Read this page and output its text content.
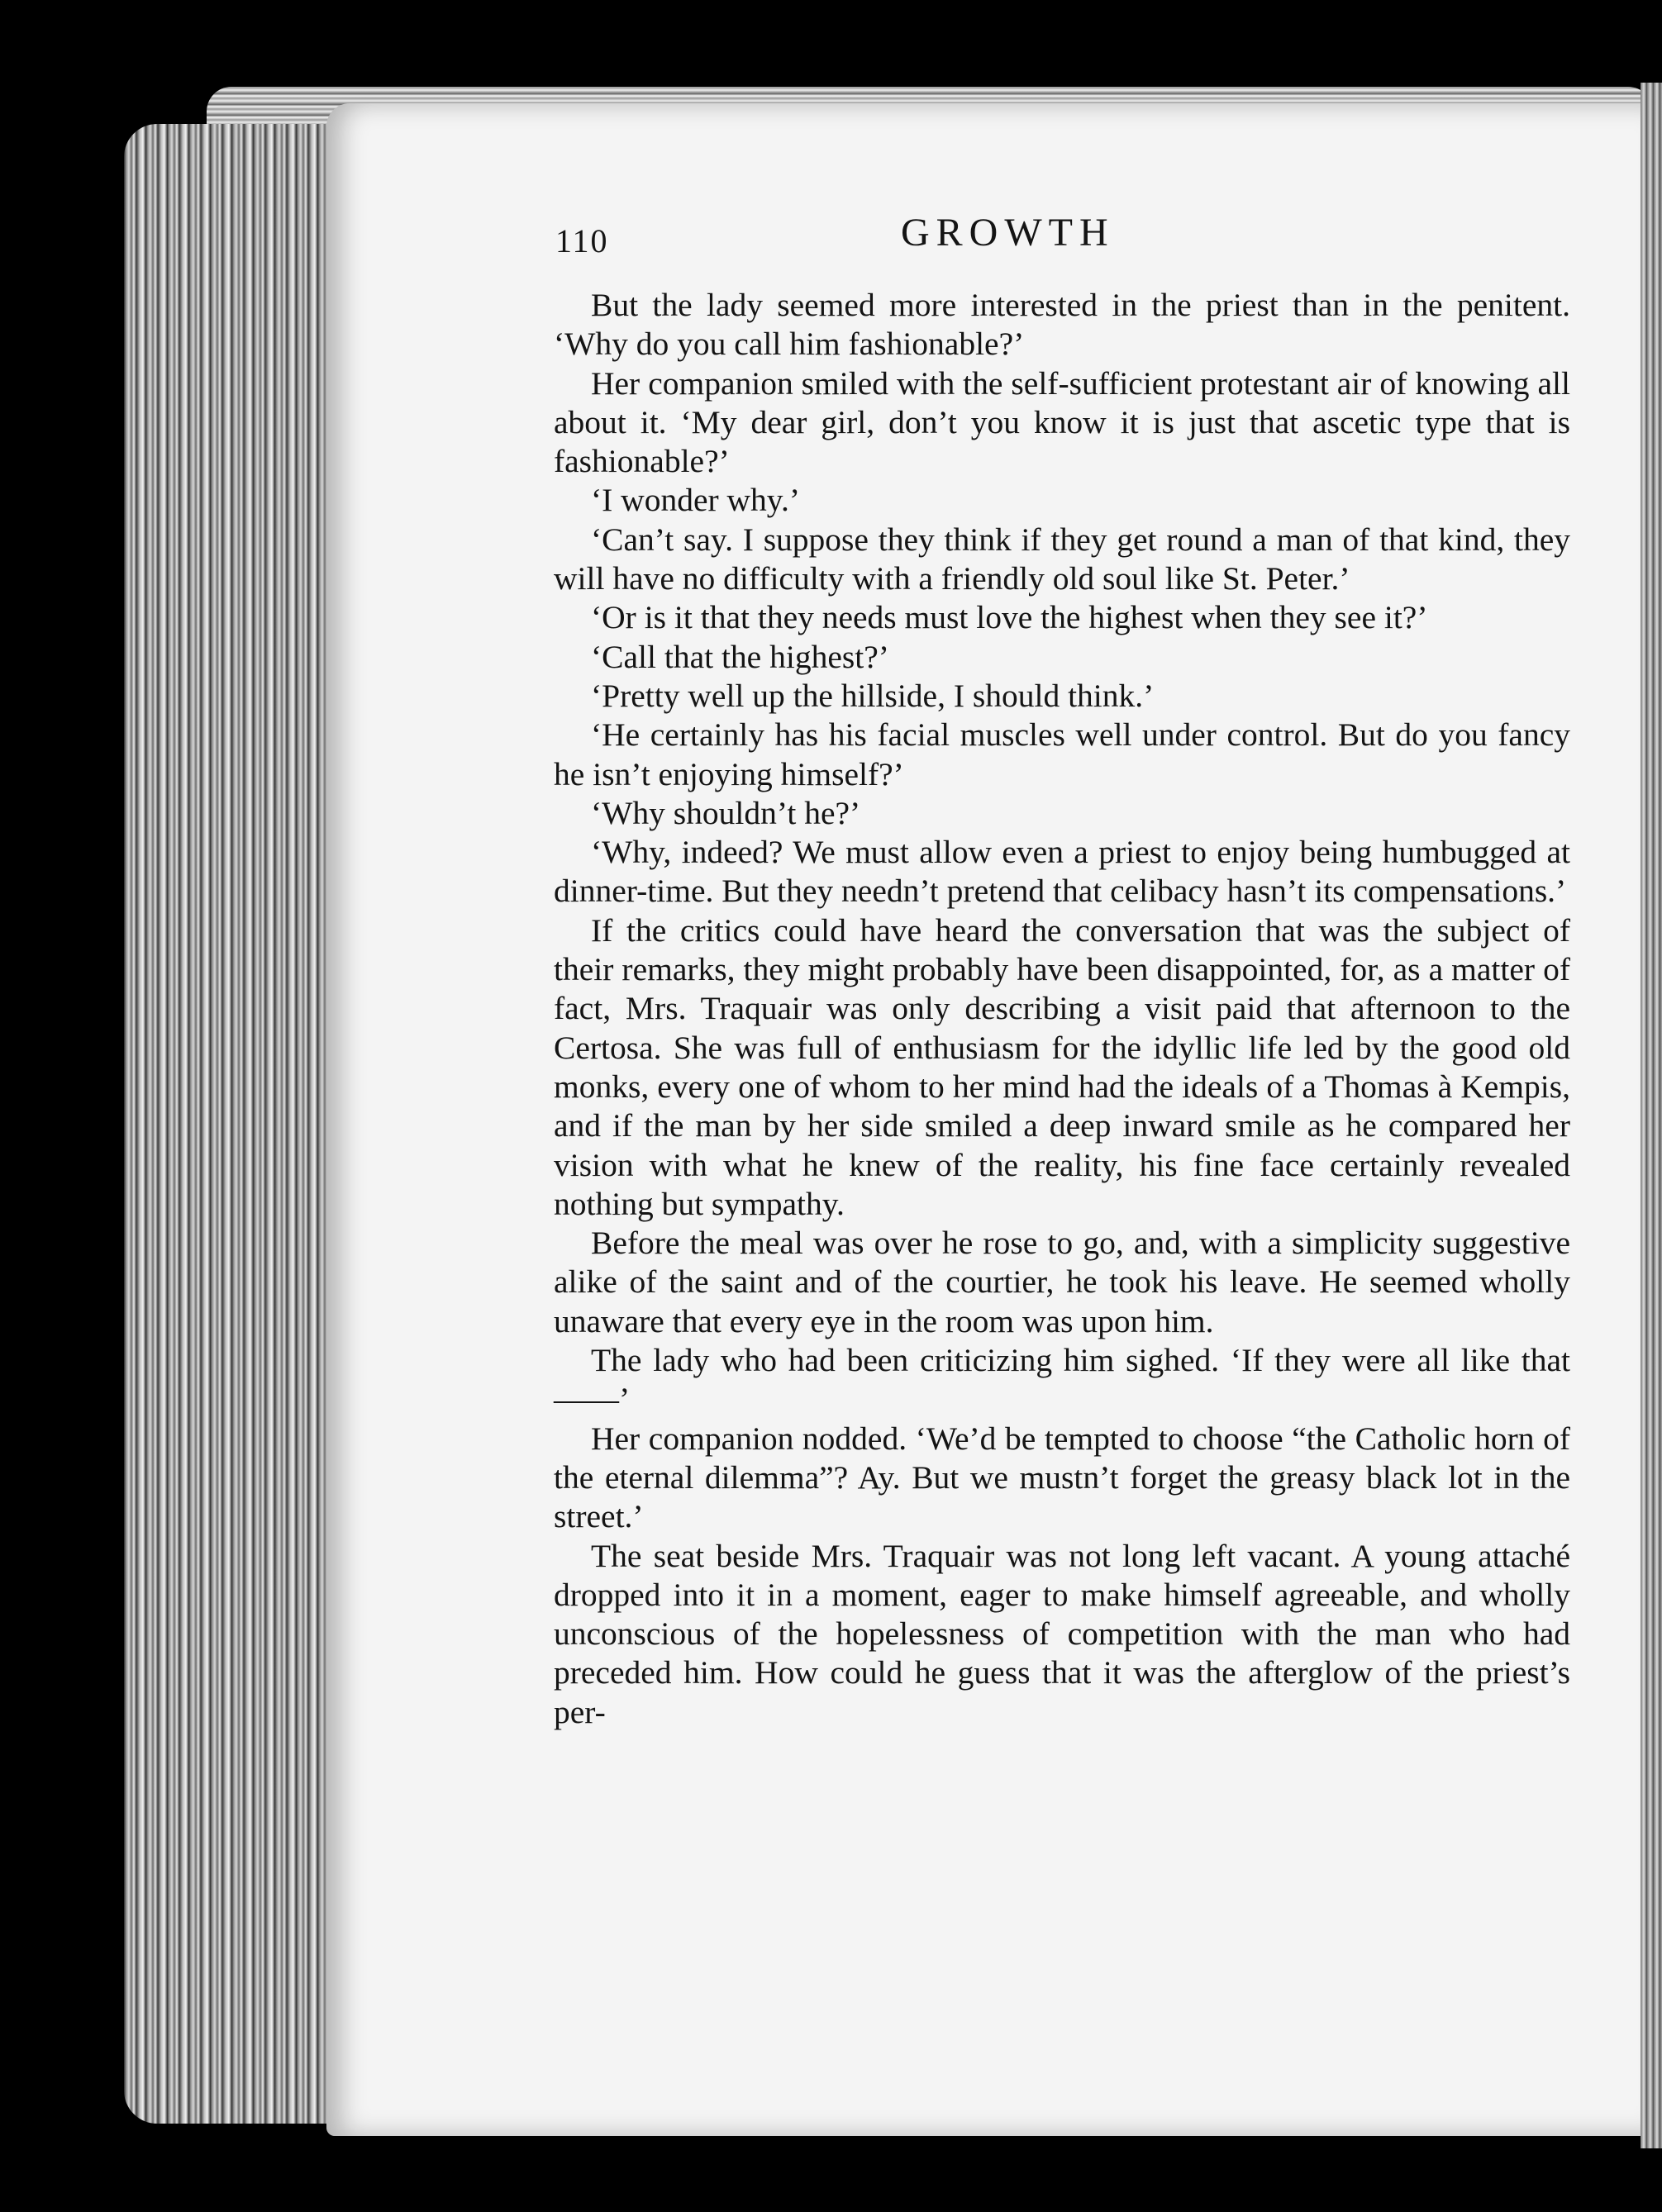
110	GROWTH

But the lady seemed more interested in the priest than in the penitent. ‘Why do you call him fashionable?’

Her companion smiled with the self-sufficient protestant air of knowing all about it. ‘My dear girl, don’t you know it is just that ascetic type that is fashionable?’

‘I wonder why.’

‘Can’t say. I suppose they think if they get round a man of that kind, they will have no difficulty with a friendly old soul like St. Peter.’

‘Or is it that they needs must love the highest when they see it?’

‘Call that the highest?’

‘Pretty well up the hillside, I should think.’

‘He certainly has his facial muscles well under control. But do you fancy he isn’t enjoying himself?’

‘Why shouldn’t he?’

‘Why, indeed? We must allow even a priest to enjoy being humbugged at dinner-time. But they needn’t pretend that celibacy hasn’t its compensations.’

If the critics could have heard the conversation that was the subject of their remarks, they might probably have been disappointed, for, as a matter of fact, Mrs. Traquair was only describing a visit paid that afternoon to the Certosa. She was full of enthusiasm for the idyllic life led by the good old monks, every one of whom to her mind had the ideals of a Thomas à Kempis, and if the man by her side smiled a deep inward smile as he compared her vision with what he knew of the reality, his fine face certainly revealed nothing but sympathy.

Before the meal was over he rose to go, and, with a simplicity suggestive alike of the saint and of the courtier, he took his leave. He seemed wholly unaware that every eye in the room was upon him.

The lady who had been criticizing him sighed. ‘If they were all like that——’

Her companion nodded. ‘We’d be tempted to choose “the Catholic horn of the eternal dilemma”? Ay. But we mustn’t forget the greasy black lot in the street.’

The seat beside Mrs. Traquair was not long left vacant. A young attaché dropped into it in a moment, eager to make himself agreeable, and wholly unconscious of the hopelessness of competition with the man who had preceded him. How could he guess that it was the afterglow of the priest’s per-
